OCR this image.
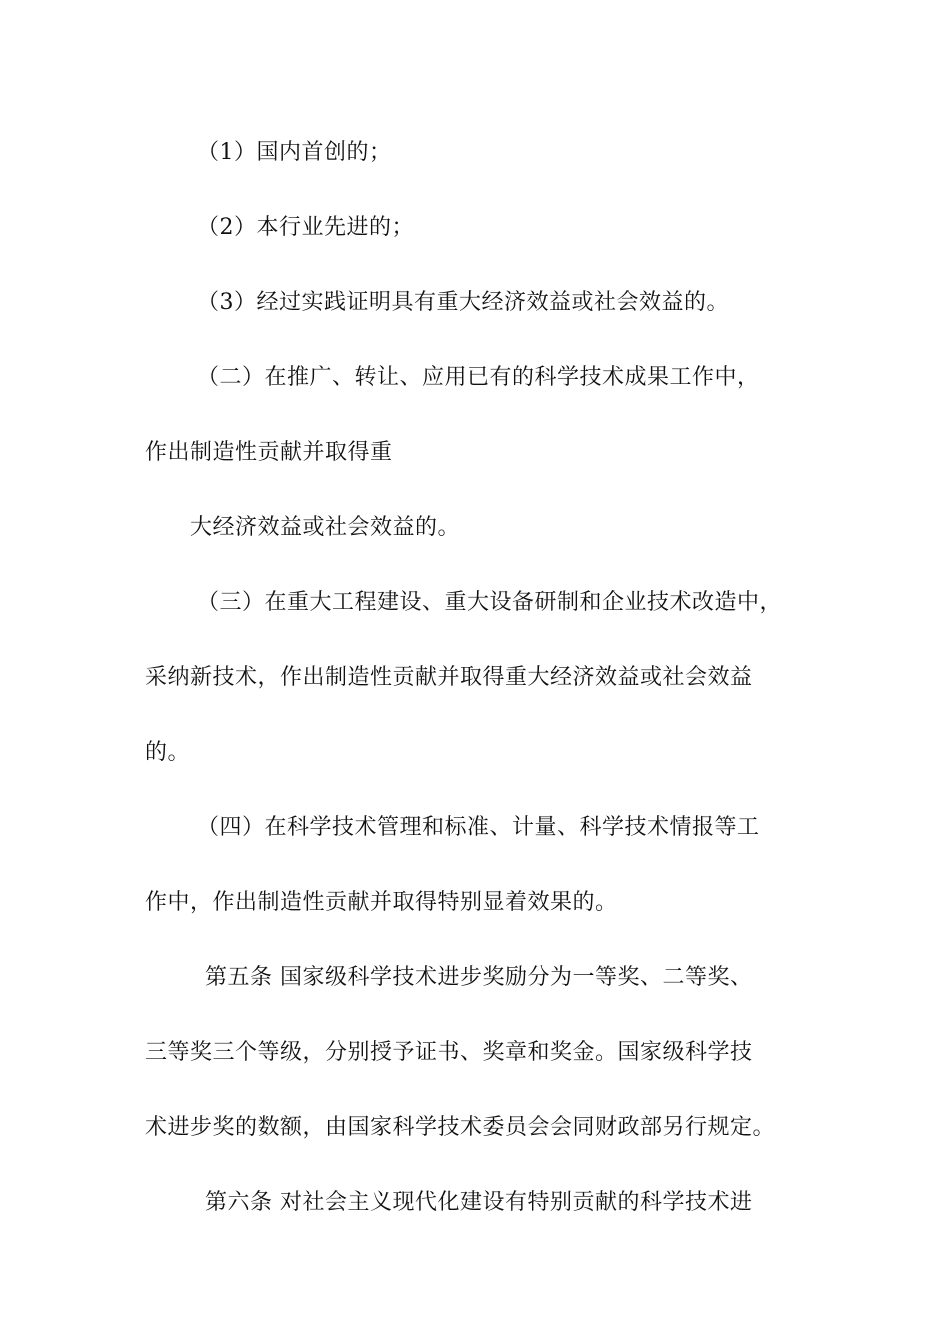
（1）国内首创的；
（2）本行业先进的；
（3）经过实践证明具有重大经济效益或社会效益的。
（二）在推广、转让、应用已有的科学技术成果工作中，
作出制造性贡献并取得重
大经济效益或社会效益的。
（三）在重大工程建设、重大设备研制和企业技术改造中，
采纳新技术，作出制造性贡献并取得重大经济效益或社会效益
的。
（四）在科学技术管理和标准、计量、科学技术情报等工
作中，作出制造性贡献并取得特别显着效果的。
第五条 国家级科学技术进步奖励分为一等奖、二等奖、
三等奖三个等级，分别授予证书、奖章和奖金。国家级科学技
术进步奖的数额，由国家科学技术委员会会同财政部另行规定。
第六条 对社会主义现代化建设有特别贡献的科学技术进
